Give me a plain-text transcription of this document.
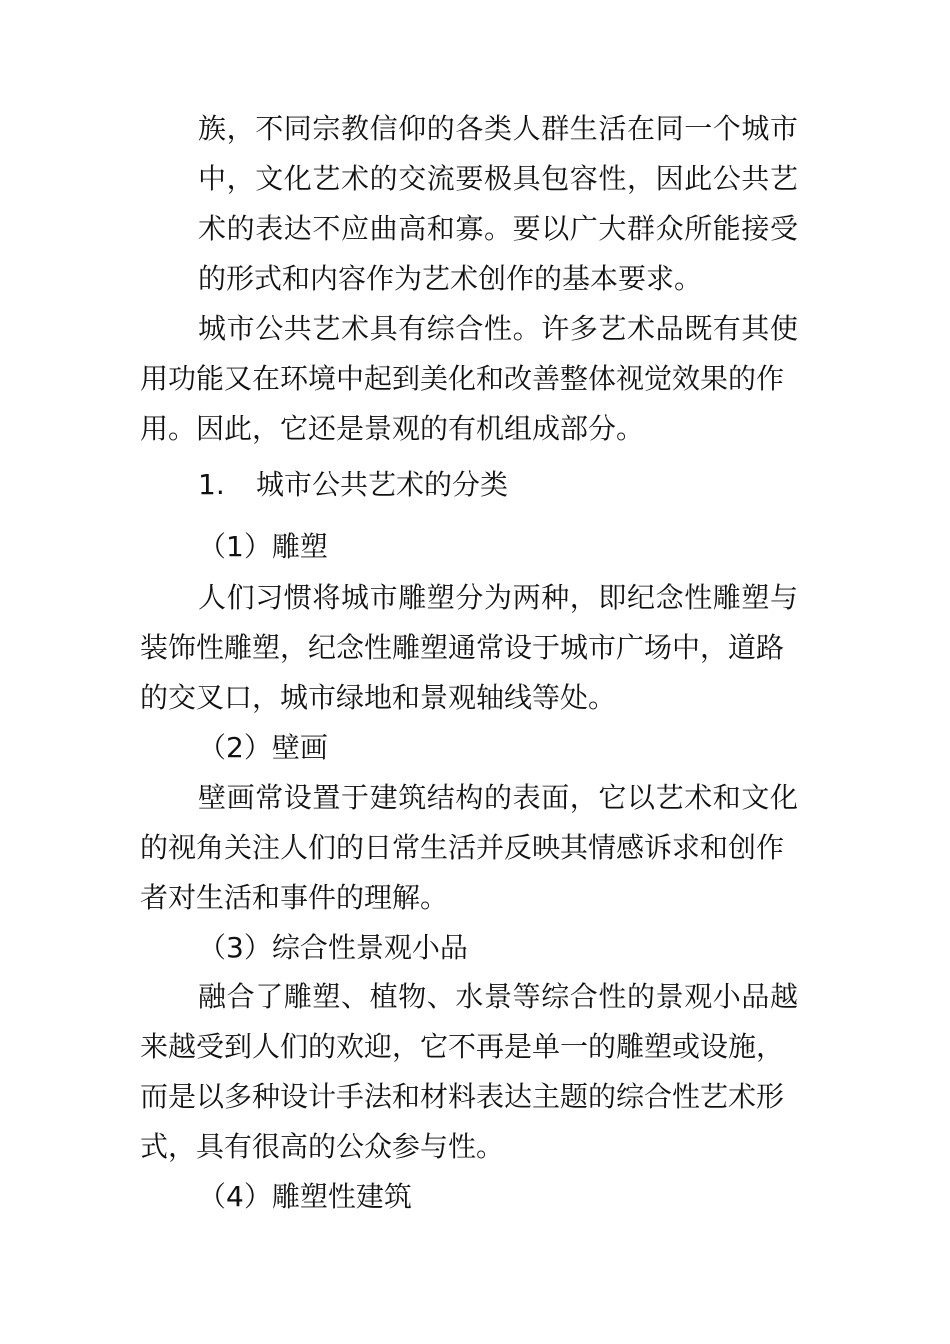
族，不同宗教信仰的各类人群生活在同一个城市
中，文化艺术的交流要极具包容性，因此公共艺
术的表达不应曲高和寡。要以广大群众所能接受
的形式和内容作为艺术创作的基本要求。
城市公共艺术具有综合性。许多艺术品既有其使
用功能又在环境中起到美化和改善整体视觉效果的作
用。因此，它还是景观的有机组成部分。
1.	城市公共艺术的分类
（1）雕塑
人们习惯将城市雕塑分为两种，即纪念性雕塑与
装饰性雕塑，纪念性雕塑通常设于城市广场中，道路
的交叉口，城市绿地和景观轴线等处。
（2）壁画
壁画常设置于建筑结构的表面，它以艺术和文化
的视角关注人们的日常生活并反映其情感诉求和创作
者对生活和事件的理解。
（3）综合性景观小品
融合了雕塑、植物、水景等综合性的景观小品越
来越受到人们的欢迎，它不再是单一的雕塑或设施，
而是以多种设计手法和材料表达主题的综合性艺术形
式，具有很高的公众参与性。
（4）雕塑性建筑
